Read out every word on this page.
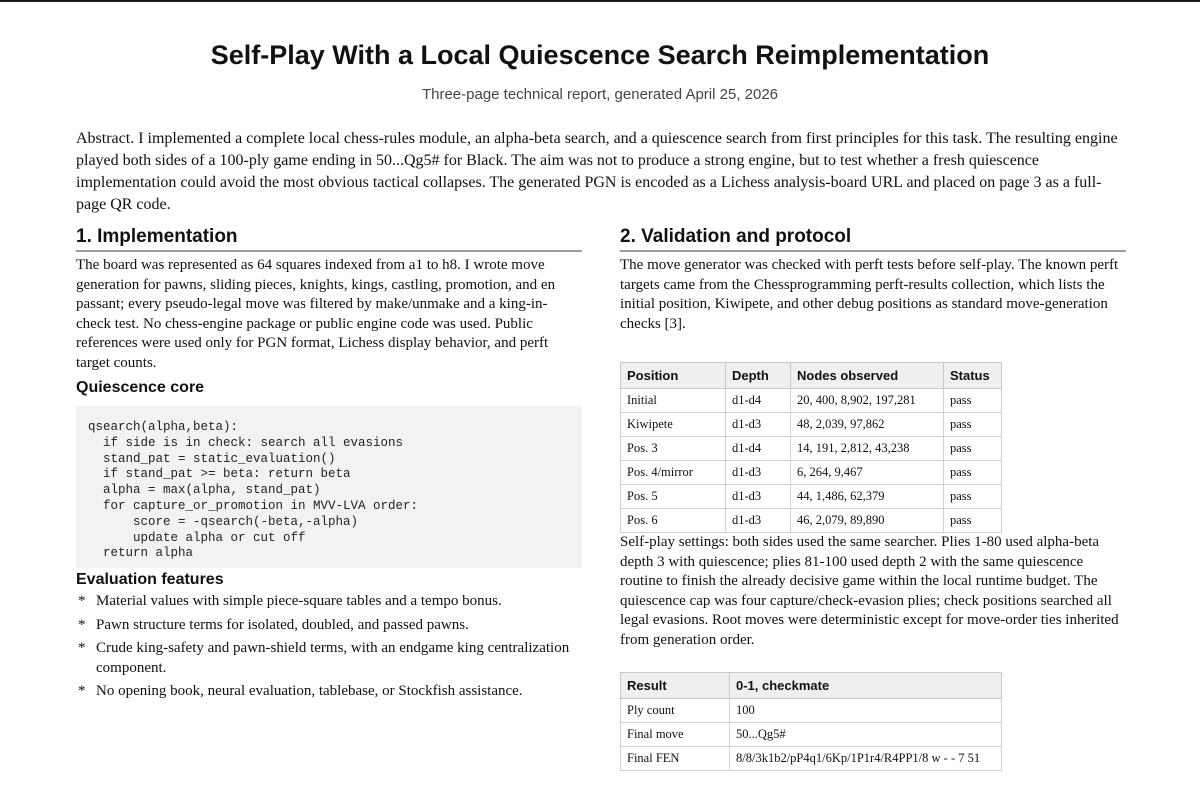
Self-Play With a Local Quiescence Search Reimplementation
Three-page technical report, generated April 25, 2026

Abstract. I implemented a complete local chess-rules module, an alpha-beta search, and a quiescence search from first principles for this task. The resulting engine played both sides of a 100-ply game ending in 50...Qg5# for Black. The aim was not to produce a strong engine, but to test whether a fresh quiescence implementation could avoid the most obvious tactical collapses. The generated PGN is encoded as a Lichess analysis-board URL and placed on page 3 as a full-page QR code.

1. Implementation

The board was represented as 64 squares indexed from a1 to h8. I wrote move generation for pawns, sliding pieces, knights, kings, castling, promotion, and en passant; every pseudo-legal move was filtered by make/unmake and a king-in-check test. No chess-engine package or public engine code was used. Public references were used only for PGN format, Lichess display behavior, and perft target counts.

Quiescence core
qsearch(alpha,beta):
if side is in check: search all evasions
stand_pat = static_evaluation()
if stand_pat >= beta: return beta
alpha = max(alpha, stand_pat)
for capture_or_promotion in MVV-LVA order:
score = -qsearch(-beta,-alpha)
update alpha or cut off
return alpha
Evaluation features
* Material values with simple piece-square tables and a tempo bonus.
* Pawn structure terms for isolated, doubled, and passed pawns.
* Crude king-safety and pawn-shield terms, with an endgame king centralization component.
* No opening book, neural evaluation, tablebase, or Stockfish assistance.
2. Validation and protocol

The move generator was checked with perft tests before self-play. The known perft targets came from the Chessprogramming perft-results collection, which lists the initial position, Kiwipete, and other debug positions as standard move-generation checks [3].

Position	Depth	Nodes observed	Status
Initial	d1-d4	20, 400, 8,902, 197,281	pass
Kiwipete	d1-d3	48, 2,039, 97,862	pass
Pos. 3	d1-d4	14, 191, 2,812, 43,238	pass
Pos. 4/mirror	d1-d3	6, 264, 9,467	pass
Pos. 5	d1-d3	44, 1,486, 62,379	pass
Pos. 6	d1-d3	46, 2,079, 89,890	pass

Self-play settings: both sides used the same searcher. Plies 1-80 used alpha-beta depth 3 with quiescence; plies 81-100 used depth 2 with the same quiescence routine to finish the already decisive game within the local runtime budget. The quiescence cap was four capture/check-evasion plies; check positions searched all legal evasions. Root moves were deterministic except for move-order ties inherited from generation order.

Result	0-1, checkmate
Ply count	100
Final move	50...Qg5#
Final FEN	8/8/3k1b2/pP4q1/6Kp/1P1r4/R4PP1/8 w - - 7 51
